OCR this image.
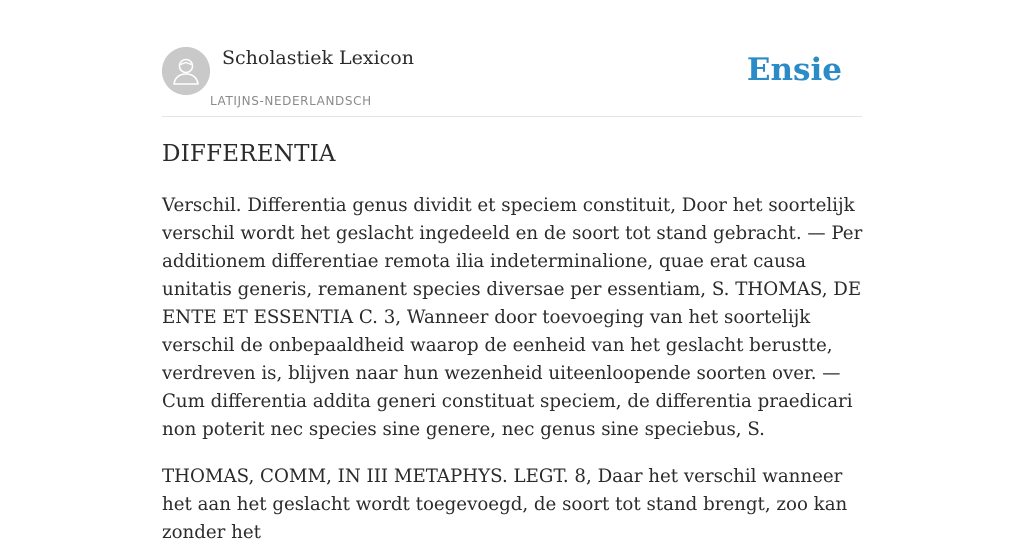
Scholastiek Lexicon
LATIJNS-NEDERLANDSCH
Ensie
DIFFERENTIA

Verschil. Differentia genus dividit et speciem constituit, Door het soortelijk verschil wordt het geslacht ingedeeld en de soort tot stand gebracht. — Per additionem differentiae remota ilia indeterminalione, quae erat causa unitatis generis, remanent species diversae per essentiam, S. THOMAS, DE ENTE ET ESSENTIA C. 3, Wanneer door toevoeging van het soortelijk verschil de onbepaaldheid waarop de eenheid van het geslacht berustte, verdreven is, blijven naar hun wezenheid uiteenloopende soorten over. — Cum differentia addita generi constituat speciem, de differentia praedicari non poterit nec species sine genere, nec genus sine speciebus, S.

THOMAS, COMM, IN III METAPHYS. LEGT. 8, Daar het verschil wanneer het aan het geslacht wordt toegevoegd, de soort tot stand brengt, zoo kan zonder het
